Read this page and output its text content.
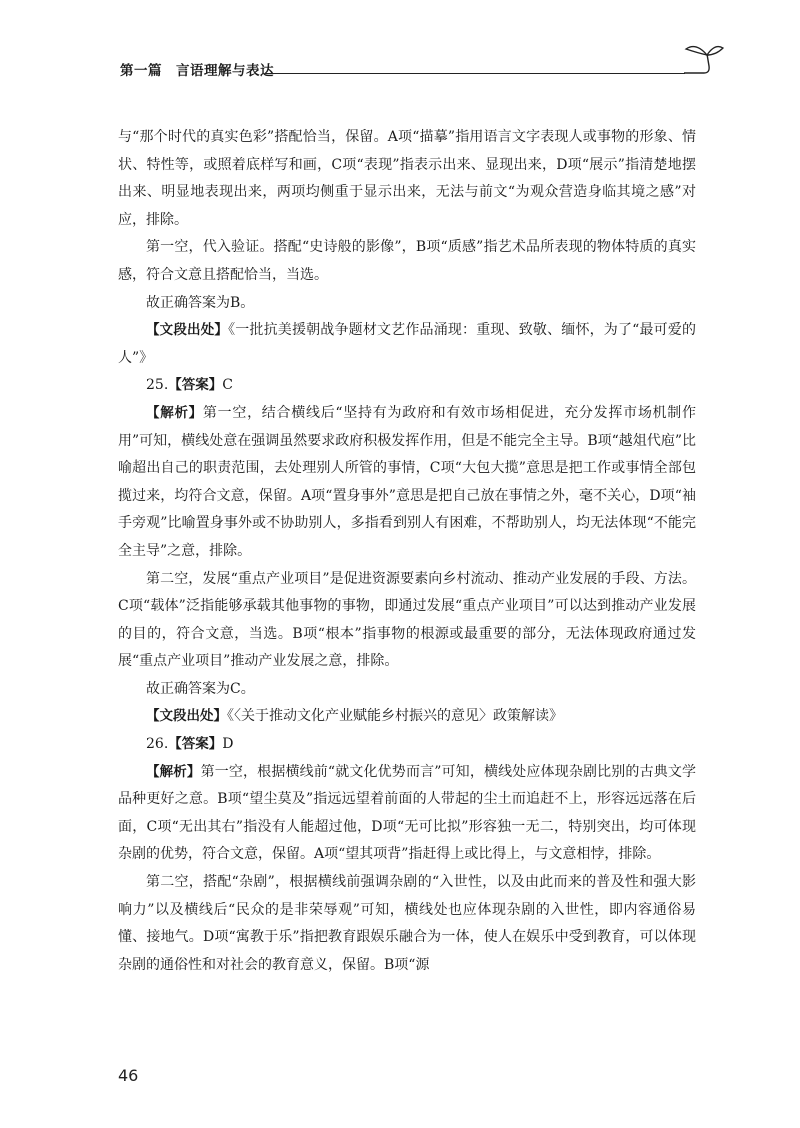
第一篇　言语理解与表达

与“那个时代的真实色彩”搭配恰当，保留。A项“描摹”指用语言文字表现人或事物的形象、情状、特性等，或照着底样写和画，C项“表现”指表示出来、显现出来，D项“展示”指清楚地摆出来、明显地表现出来，两项均侧重于显示出来，无法与前文“为观众营造身临其境之感”对应，排除。

第一空，代入验证。搭配“史诗般的影像”，B项“质感”指艺术品所表现的物体特质的真实感，符合文意且搭配恰当，当选。

故正确答案为B。

【文段出处】《一批抗美援朝战争题材文艺作品涌现：重现、致敬、缅怀，为了“最可爱的人”》

25.【答案】C

【解析】第一空，结合横线后“坚持有为政府和有效市场相促进，充分发挥市场机制作用”可知，横线处意在强调虽然要求政府积极发挥作用，但是不能完全主导。B项“越俎代庖”比喻超出自己的职责范围，去处理别人所管的事情，C项“大包大揽”意思是把工作或事情全部包揽过来，均符合文意，保留。A项“置身事外”意思是把自己放在事情之外，毫不关心，D项“袖手旁观”比喻置身事外或不协助别人，多指看到别人有困难，不帮助别人，均无法体现“不能完全主导”之意，排除。

第二空，发展“重点产业项目”是促进资源要素向乡村流动、推动产业发展的手段、方法。C项“载体”泛指能够承载其他事物的事物，即通过发展“重点产业项目”可以达到推动产业发展的目的，符合文意，当选。B项“根本”指事物的根源或最重要的部分，无法体现政府通过发展“重点产业项目”推动产业发展之意，排除。

故正确答案为C。

【文段出处】《〈关于推动文化产业赋能乡村振兴的意见〉政策解读》

26.【答案】D

【解析】第一空，根据横线前“就文化优势而言”可知，横线处应体现杂剧比别的古典文学品种更好之意。B项“望尘莫及”指远远望着前面的人带起的尘土而追赶不上，形容远远落在后面，C项“无出其右”指没有人能超过他，D项“无可比拟”形容独一无二，特别突出，均可体现杂剧的优势，符合文意，保留。A项“望其项背”指赶得上或比得上，与文意相悖，排除。

第二空，搭配“杂剧”，根据横线前强调杂剧的“入世性，以及由此而来的普及性和强大影响力”以及横线后“民众的是非荣辱观”可知，横线处也应体现杂剧的入世性，即内容通俗易懂、接地气。D项“寓教于乐”指把教育跟娱乐融合为一体，使人在娱乐中受到教育，可以体现杂剧的通俗性和对社会的教育意义，保留。B项“源

46
